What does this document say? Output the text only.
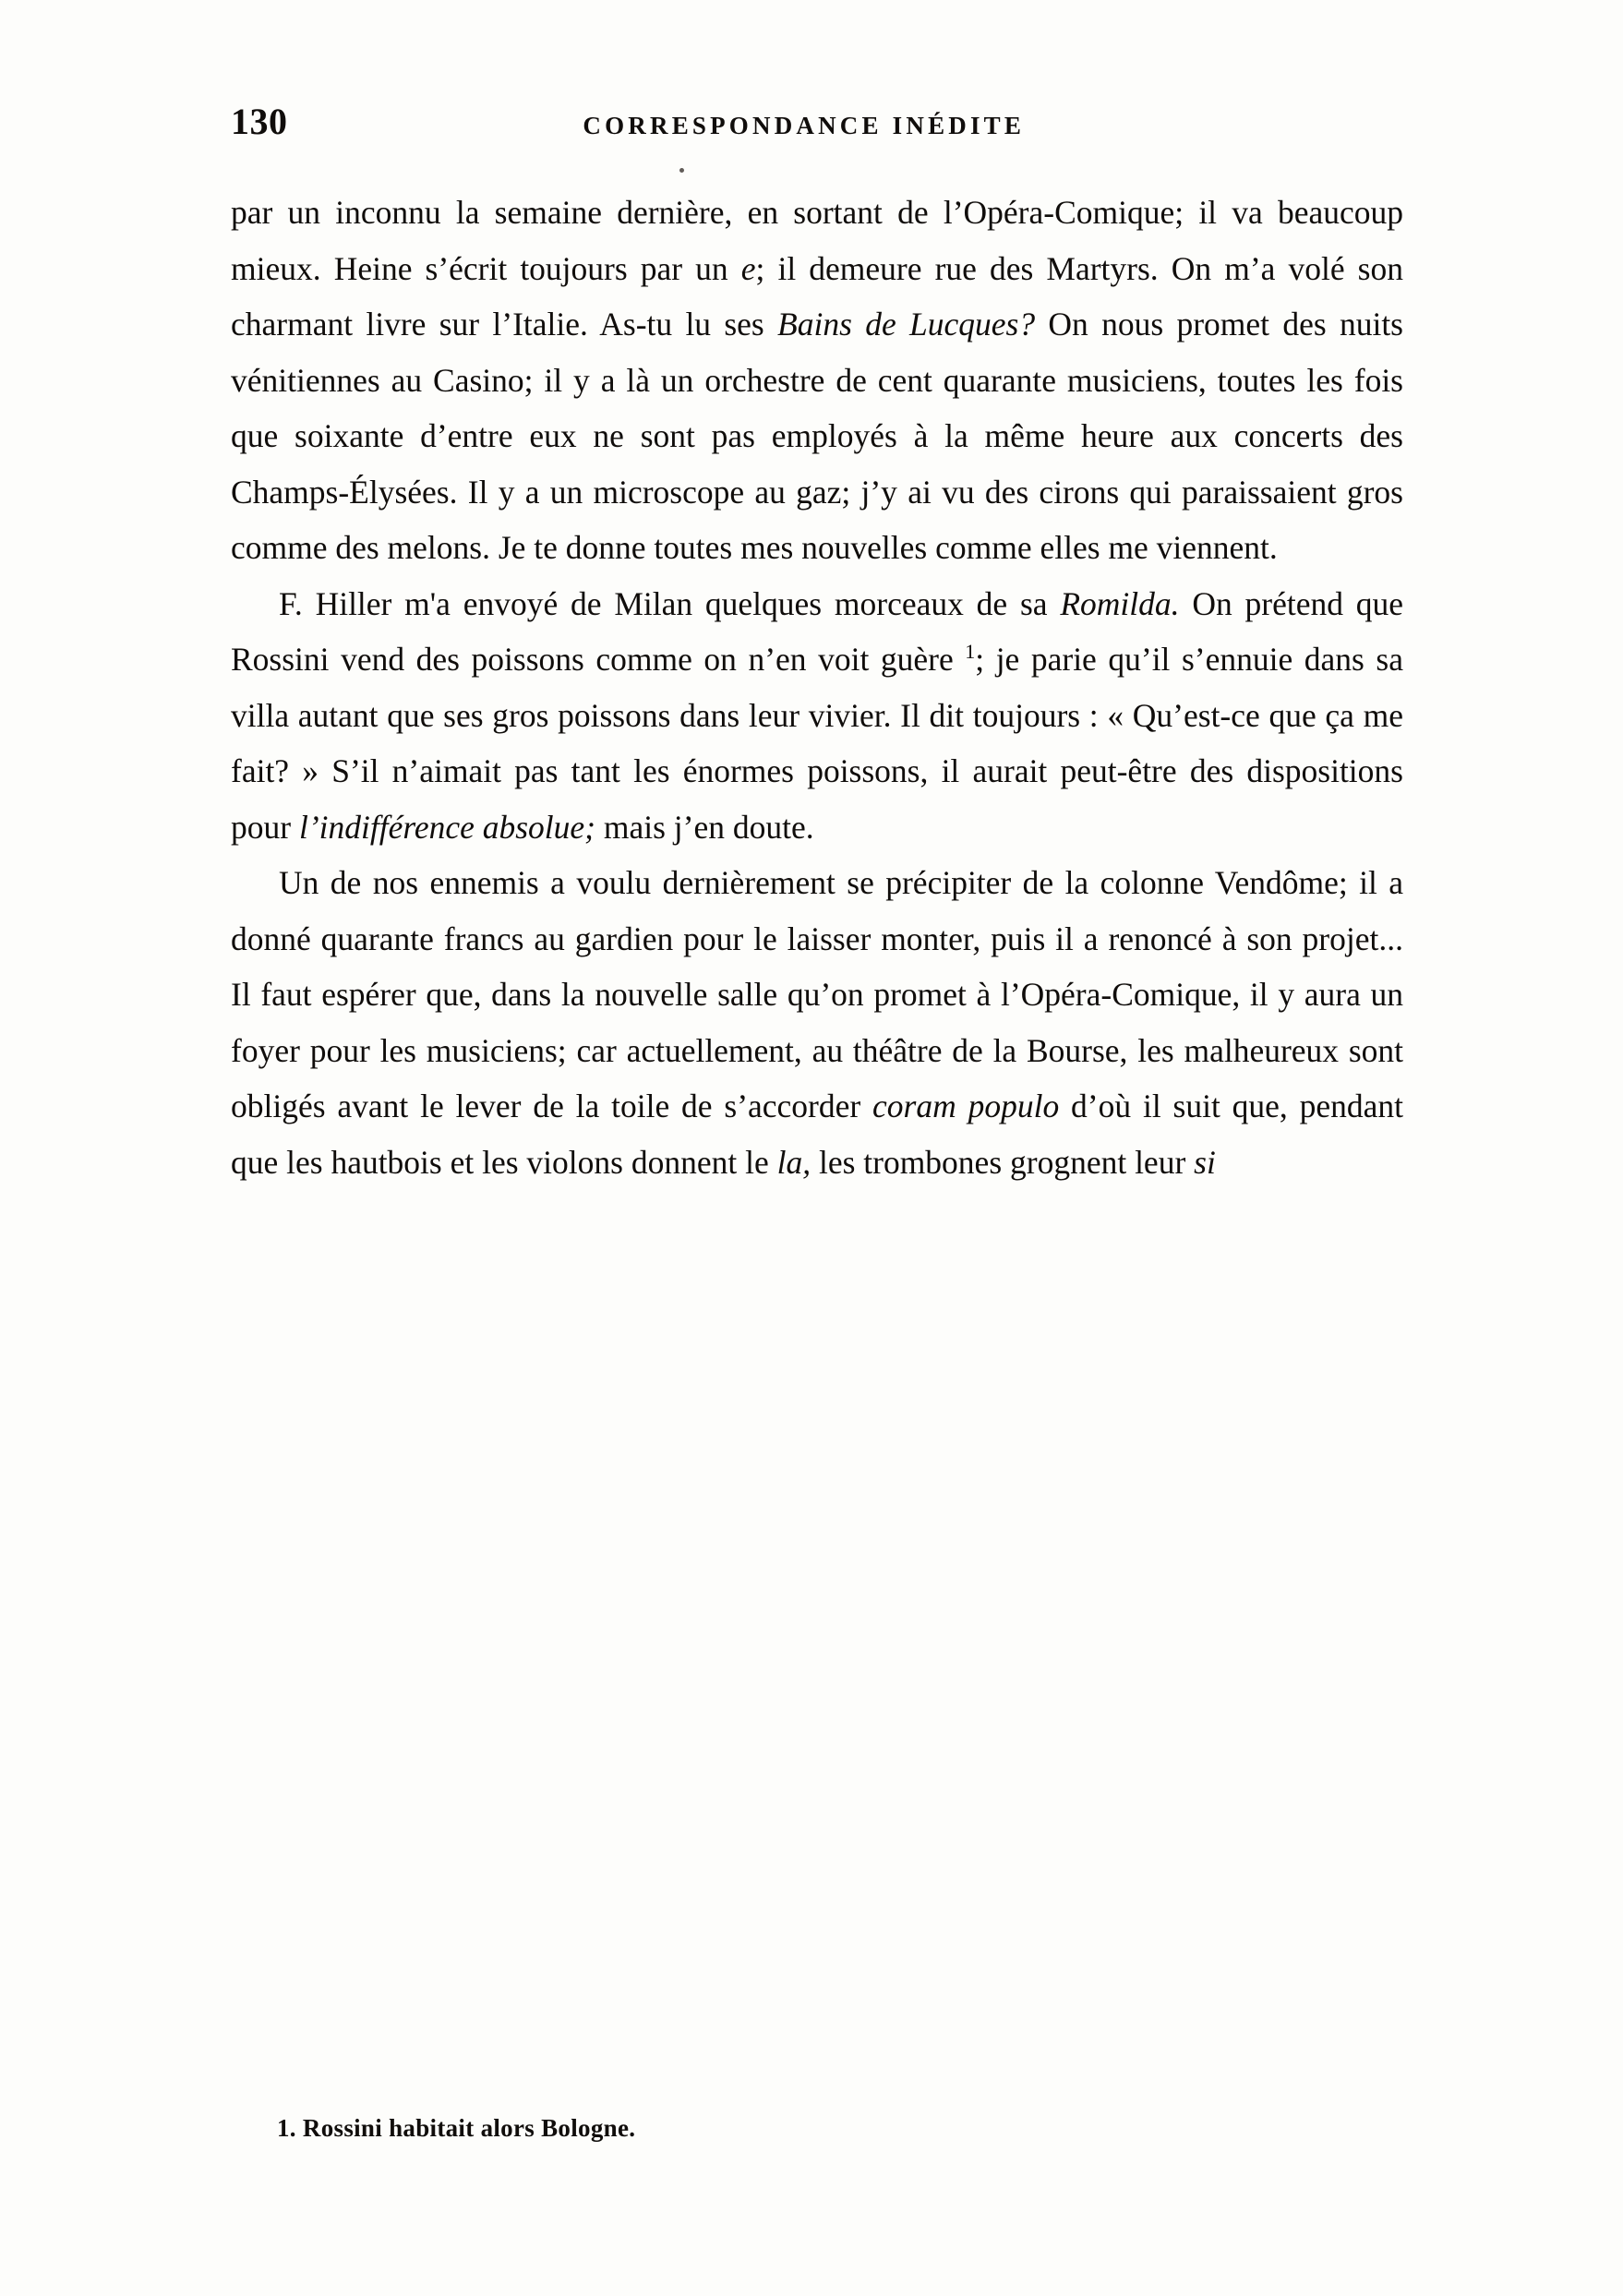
130	CORRESPONDANCE INÉDITE

par un inconnu la semaine dernière, en sortant de l’Opéra-Comique; il va beaucoup mieux. Heine s’écrit toujours par un e; il demeure rue des Martyrs. On m’a volé son charmant livre sur l’Italie. As-tu lu ses Bains de Lucques? On nous promet des nuits vénitiennes au Casino; il y a là un orchestre de cent quarante musiciens, toutes les fois que soixante d’entre eux ne sont pas employés à la même heure aux concerts des Champs-Élysées. Il y a un microscope au gaz; j’y ai vu des cirons qui paraissaient gros comme des melons. Je te donne toutes mes nouvelles comme elles me viennent.

F. Hiller m'a envoyé de Milan quelques morceaux de sa Romilda. On prétend que Rossini vend des poissons comme on n’en voit guère $^1$; je parie qu’il s’ennuie dans sa villa autant que ses gros poissons dans leur vivier. Il dit toujours : « Qu’est-ce que ça me fait? » S’il n’aimait pas tant les énormes poissons, il aurait peut-être des dispositions pour l’indifférence absolue; mais j’en doute.

Un de nos ennemis a voulu dernièrement se précipiter de la colonne Vendôme; il a donné quarante francs au gardien pour le laisser monter, puis il a renoncé à son projet... Il faut espérer que, dans la nouvelle salle qu’on promet à l’Opéra-Comique, il y aura un foyer pour les musiciens; car actuellement, au théâtre de la Bourse, les malheureux sont obligés avant le lever de la toile de s’accorder coram populo d’où il suit que, pendant que les hautbois et les violons donnent le la, les trombones grognent leur si

1. Rossini habitait alors Bologne.
